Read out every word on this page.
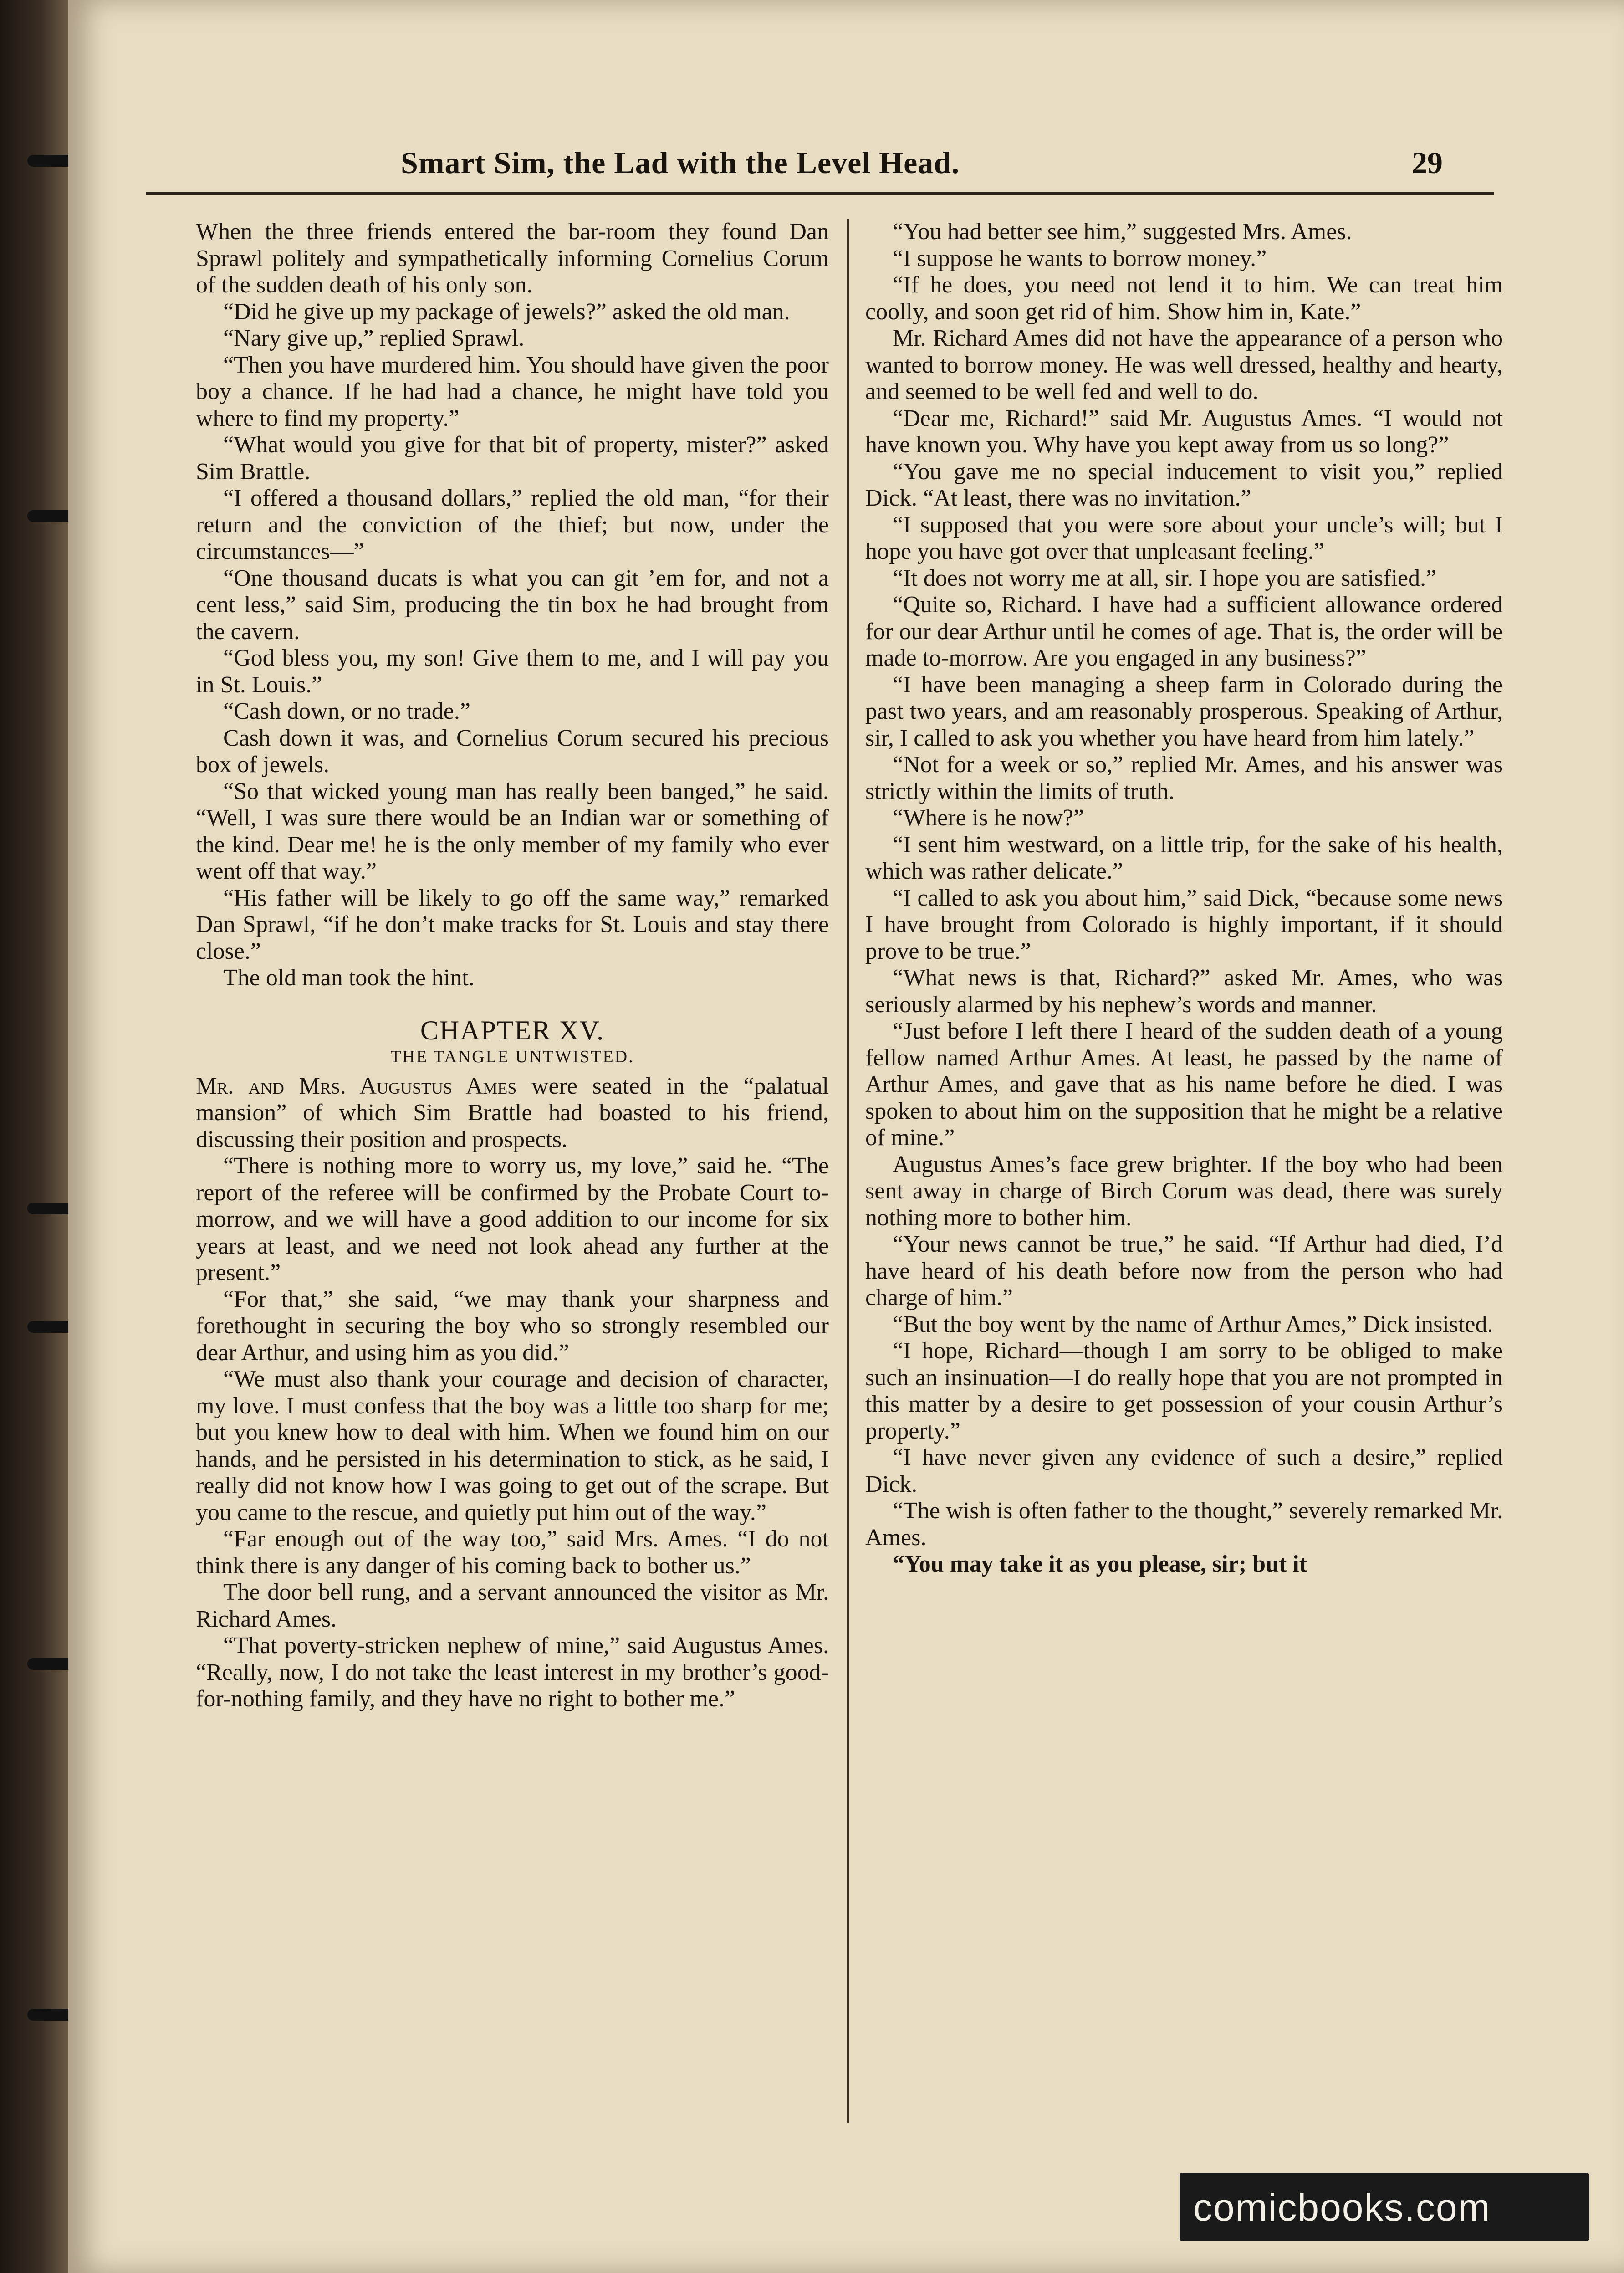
Smart Sim, the Lad with the Level Head.	29

When the three friends entered the bar-room they found Dan Sprawl politely and sympathetically informing Cornelius Corum of the sudden death of his only son.

“Did he give up my package of jewels?” asked the old man.

“Nary give up,” replied Sprawl.

“Then you have murdered him. You should have given the poor boy a chance. If he had had a chance, he might have told you where to find my property.”

“What would you give for that bit of property, mister?” asked Sim Brattle.

“I offered a thousand dollars,” replied the old man, “for their return and the conviction of the thief; but now, under the circumstances—”

“One thousand ducats is what you can git ’em for, and not a cent less,” said Sim, producing the tin box he had brought from the cavern.

“God bless you, my son! Give them to me, and I will pay you in St. Louis.”

“Cash down, or no trade.”

Cash down it was, and Cornelius Corum secured his precious box of jewels.

“So that wicked young man has really been banged,” he said. “Well, I was sure there would be an Indian war or something of the kind. Dear me! he is the only member of my family who ever went off that way.”

“His father will be likely to go off the same way,” remarked Dan Sprawl, “if he don’t make tracks for St. Louis and stay there close.”

The old man took the hint.

CHAPTER XV.
THE TANGLE UNTWISTED.

Mr. and Mrs. Augustus Ames were seated in the “palatual mansion” of which Sim Brattle had boasted to his friend, discussing their position and prospects.

“There is nothing more to worry us, my love,” said he. “The report of the referee will be confirmed by the Probate Court to-morrow, and we will have a good addition to our income for six years at least, and we need not look ahead any further at the present.”

“For that,” she said, “we may thank your sharpness and forethought in securing the boy who so strongly resembled our dear Arthur, and using him as you did.”

“We must also thank your courage and decision of character, my love. I must confess that the boy was a little too sharp for me; but you knew how to deal with him. When we found him on our hands, and he persisted in his determination to stick, as he said, I really did not know how I was going to get out of the scrape. But you came to the rescue, and quietly put him out of the way.”

“Far enough out of the way too,” said Mrs. Ames. “I do not think there is any danger of his coming back to bother us.”

The door bell rung, and a servant announced the visitor as Mr. Richard Ames.

“That poverty-stricken nephew of mine,” said Augustus Ames. “Really, now, I do not take the least interest in my brother’s good-for-nothing family, and they have no right to bother me.”

“You had better see him,” suggested Mrs. Ames.

“I suppose he wants to borrow money.”

“If he does, you need not lend it to him. We can treat him coolly, and soon get rid of him. Show him in, Kate.”

Mr. Richard Ames did not have the appearance of a person who wanted to borrow money. He was well dressed, healthy and hearty, and seemed to be well fed and well to do.

“Dear me, Richard!” said Mr. Augustus Ames. “I would not have known you. Why have you kept away from us so long?”

“You gave me no special inducement to visit you,” replied Dick. “At least, there was no invitation.”

“I supposed that you were sore about your uncle’s will; but I hope you have got over that unpleasant feeling.”

“It does not worry me at all, sir. I hope you are satisfied.”

“Quite so, Richard. I have had a sufficient allowance ordered for our dear Arthur until he comes of age. That is, the order will be made to-morrow. Are you engaged in any business?”

“I have been managing a sheep farm in Colorado during the past two years, and am reasonably prosperous. Speaking of Arthur, sir, I called to ask you whether you have heard from him lately.”

“Not for a week or so,” replied Mr. Ames, and his answer was strictly within the limits of truth.

“Where is he now?”

“I sent him westward, on a little trip, for the sake of his health, which was rather delicate.”

“I called to ask you about him,” said Dick, “because some news I have brought from Colorado is highly important, if it should prove to be true.”

“What news is that, Richard?” asked Mr. Ames, who was seriously alarmed by his nephew’s words and manner.

“Just before I left there I heard of the sudden death of a young fellow named Arthur Ames. At least, he passed by the name of Arthur Ames, and gave that as his name before he died. I was spoken to about him on the supposition that he might be a relative of mine.”

Augustus Ames’s face grew brighter. If the boy who had been sent away in charge of Birch Corum was dead, there was surely nothing more to bother him.

“Your news cannot be true,” he said. “If Arthur had died, I’d have heard of his death before now from the person who had charge of him.”

“But the boy went by the name of Arthur Ames,” Dick insisted.

“I hope, Richard—though I am sorry to be obliged to make such an insinuation—I do really hope that you are not prompted in this matter by a desire to get possession of your cousin Arthur’s property.”

“I have never given any evidence of such a desire,” replied Dick.

“The wish is often father to the thought,” severely remarked Mr. Ames.

“You may take it as you please, sir; but it

comicbooks.com
